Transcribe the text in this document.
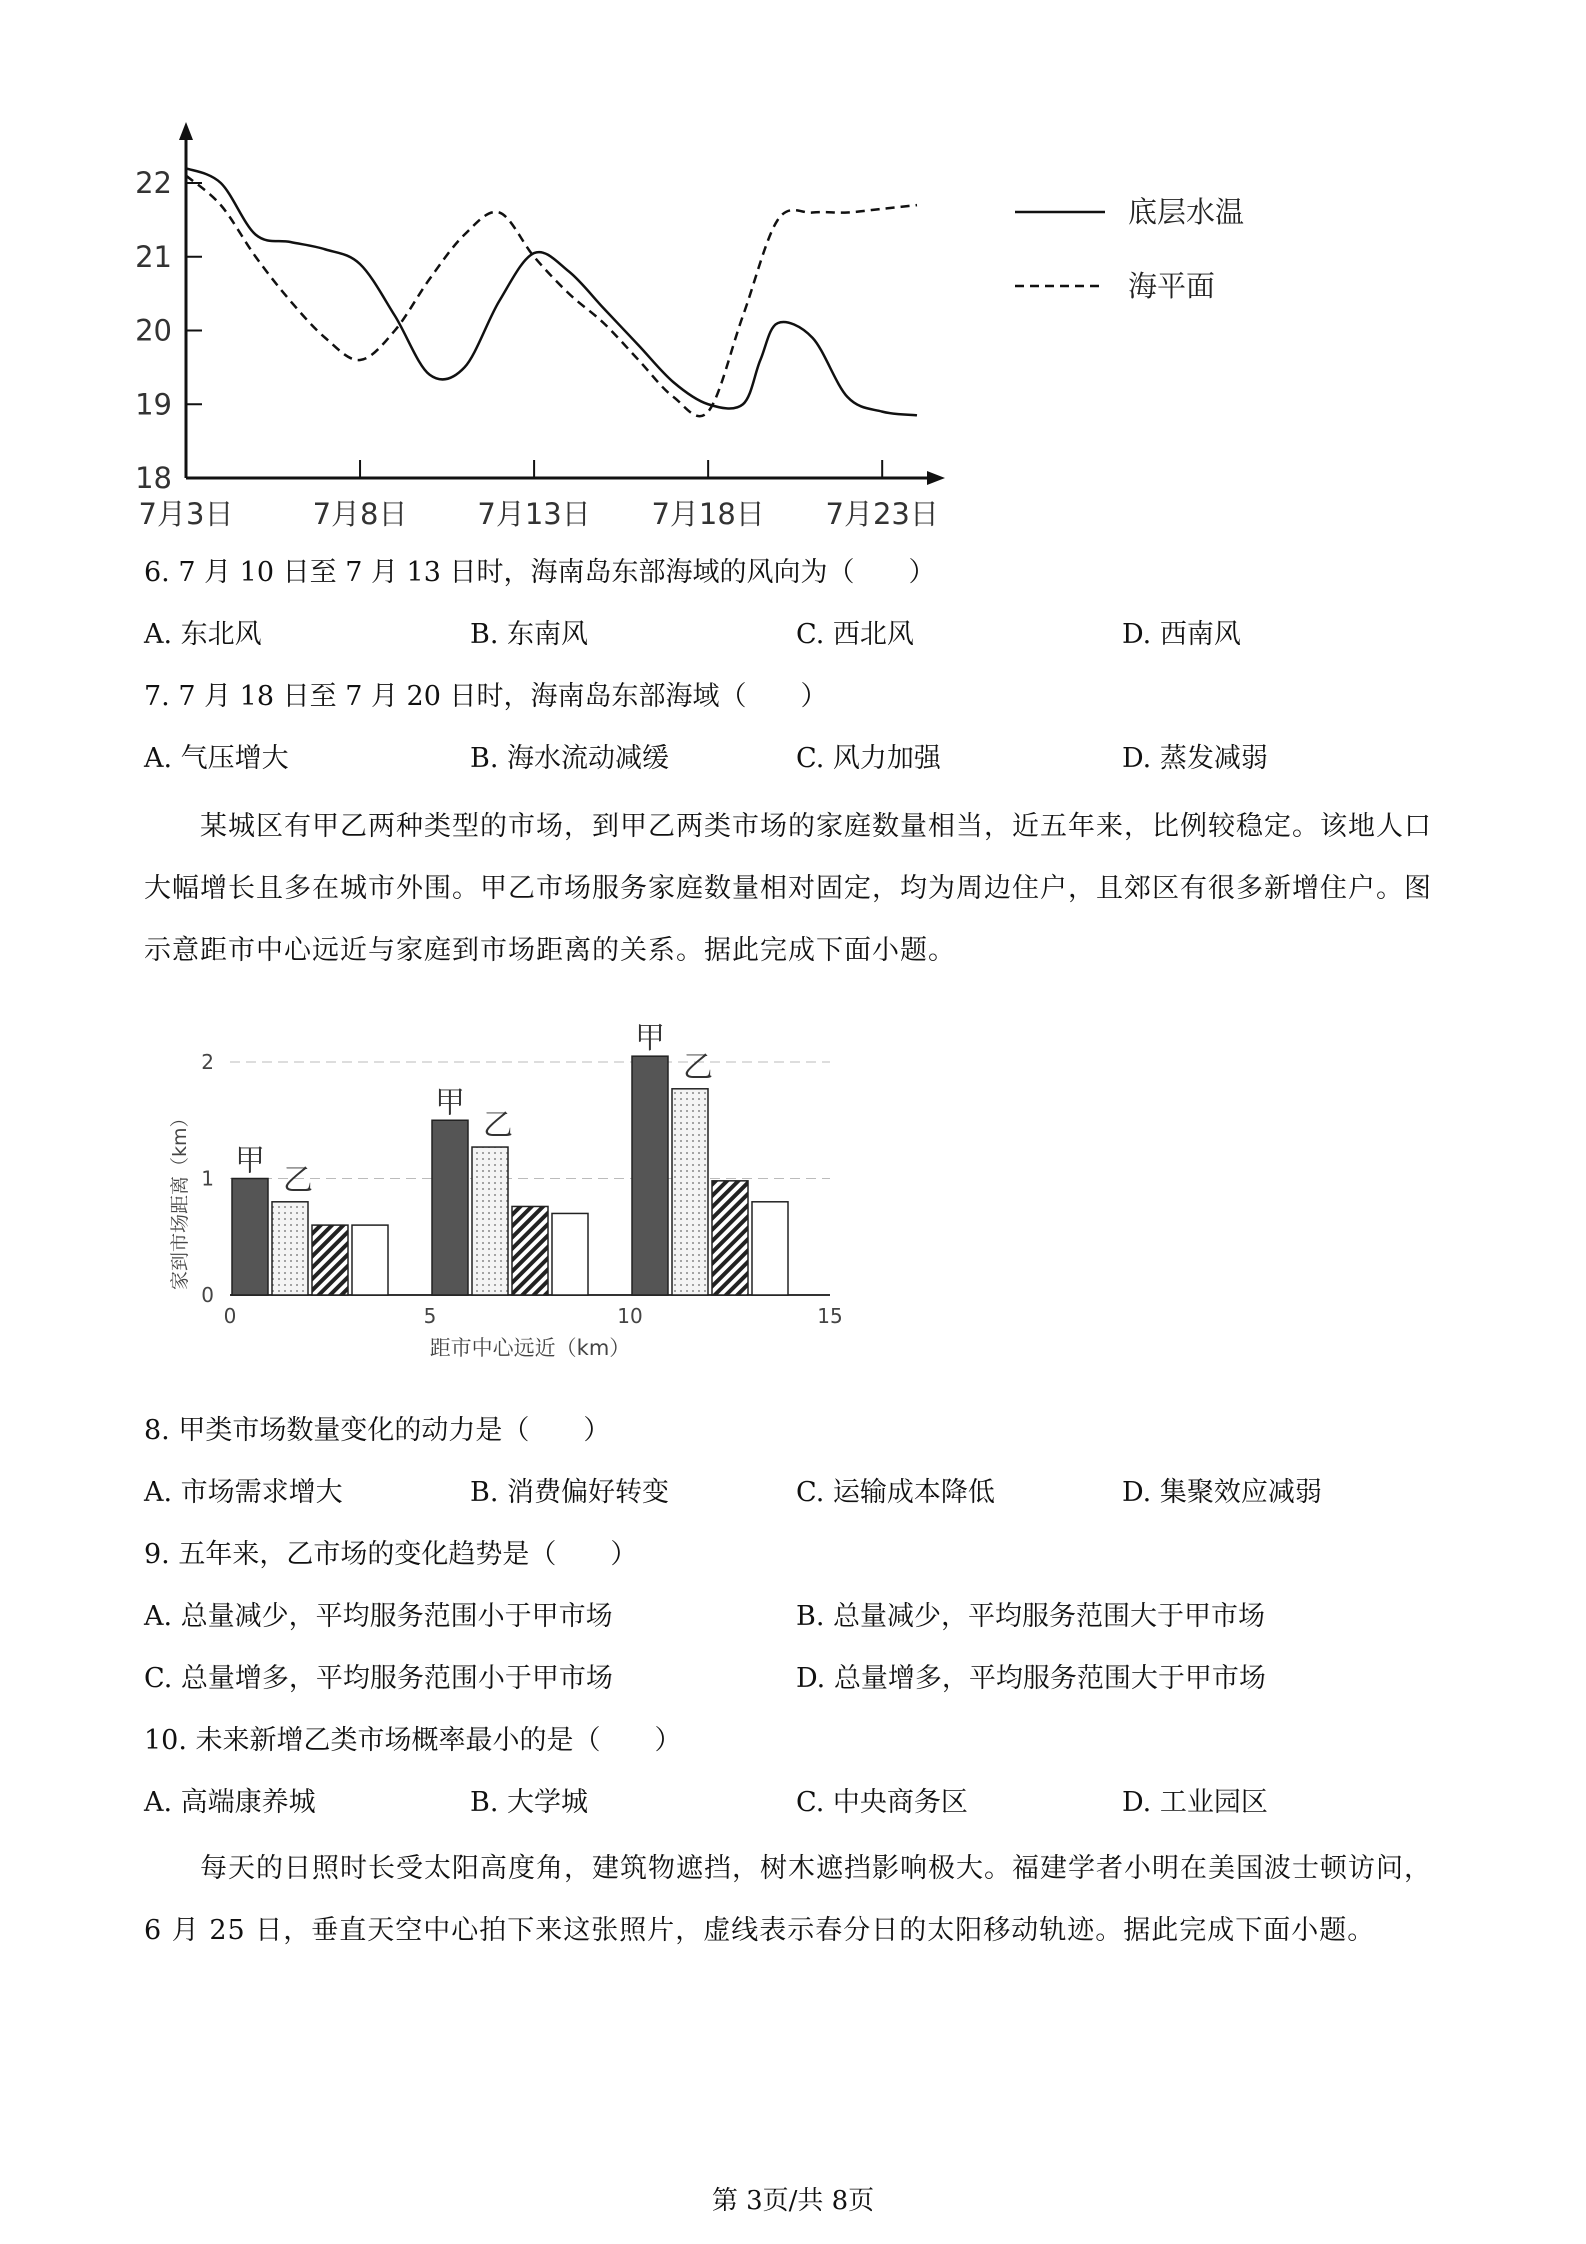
18
19
20
21
22
7月3日	7月8日 7月13日 7月18日 7月23日
底层水温
海平面
6. 7 月 10 日至 7 月 13 日时，海南岛东部海域的风向为（　　）
A. 东北风	B. 东南风	C. 西北风	D. 西南风
7. 7 月 18 日至 7 月 20 日时，海南岛东部海域（　　）
A. 气压增大	B. 海水流动减缓	C. 风力加强	D. 蒸发减弱
某城区有甲乙两种类型的市场，到甲乙两类市场的家庭数量相当，近五年来，比例较稳定。该地人口大幅增长且多在城市外围。甲乙市场服务家庭数量相对固定，均为周边住户，且郊区有很多新增住户。图示意距市中心远近与家庭到市场距离的关系。据此完成下面小题。
甲
乙
甲
乙
甲
乙
0
1
2
0	5	10	15
家到市场距离（km）
距市中心远近（km）
8. 甲类市场数量变化的动力是（　　）
A. 市场需求增大	B. 消费偏好转变	C. 运输成本降低	D. 集聚效应减弱
9. 五年来，乙市场的变化趋势是（　　）
A. 总量减少，平均服务范围小于甲市场	B. 总量减少，平均服务范围大于甲市场
C. 总量增多，平均服务范围小于甲市场	D. 总量增多，平均服务范围大于甲市场
10. 未来新增乙类市场概率最小的是（　　）
A. 高端康养城	B. 大学城	C. 中央商务区	D. 工业园区
每天的日照时长受太阳高度角，建筑物遮挡，树木遮挡影响极大。福建学者小明在美国波士顿访问，6 月 25 日，垂直天空中心拍下来这张照片，虚线表示春分日的太阳移动轨迹。据此完成下面小题。
第 3页/共 8页
